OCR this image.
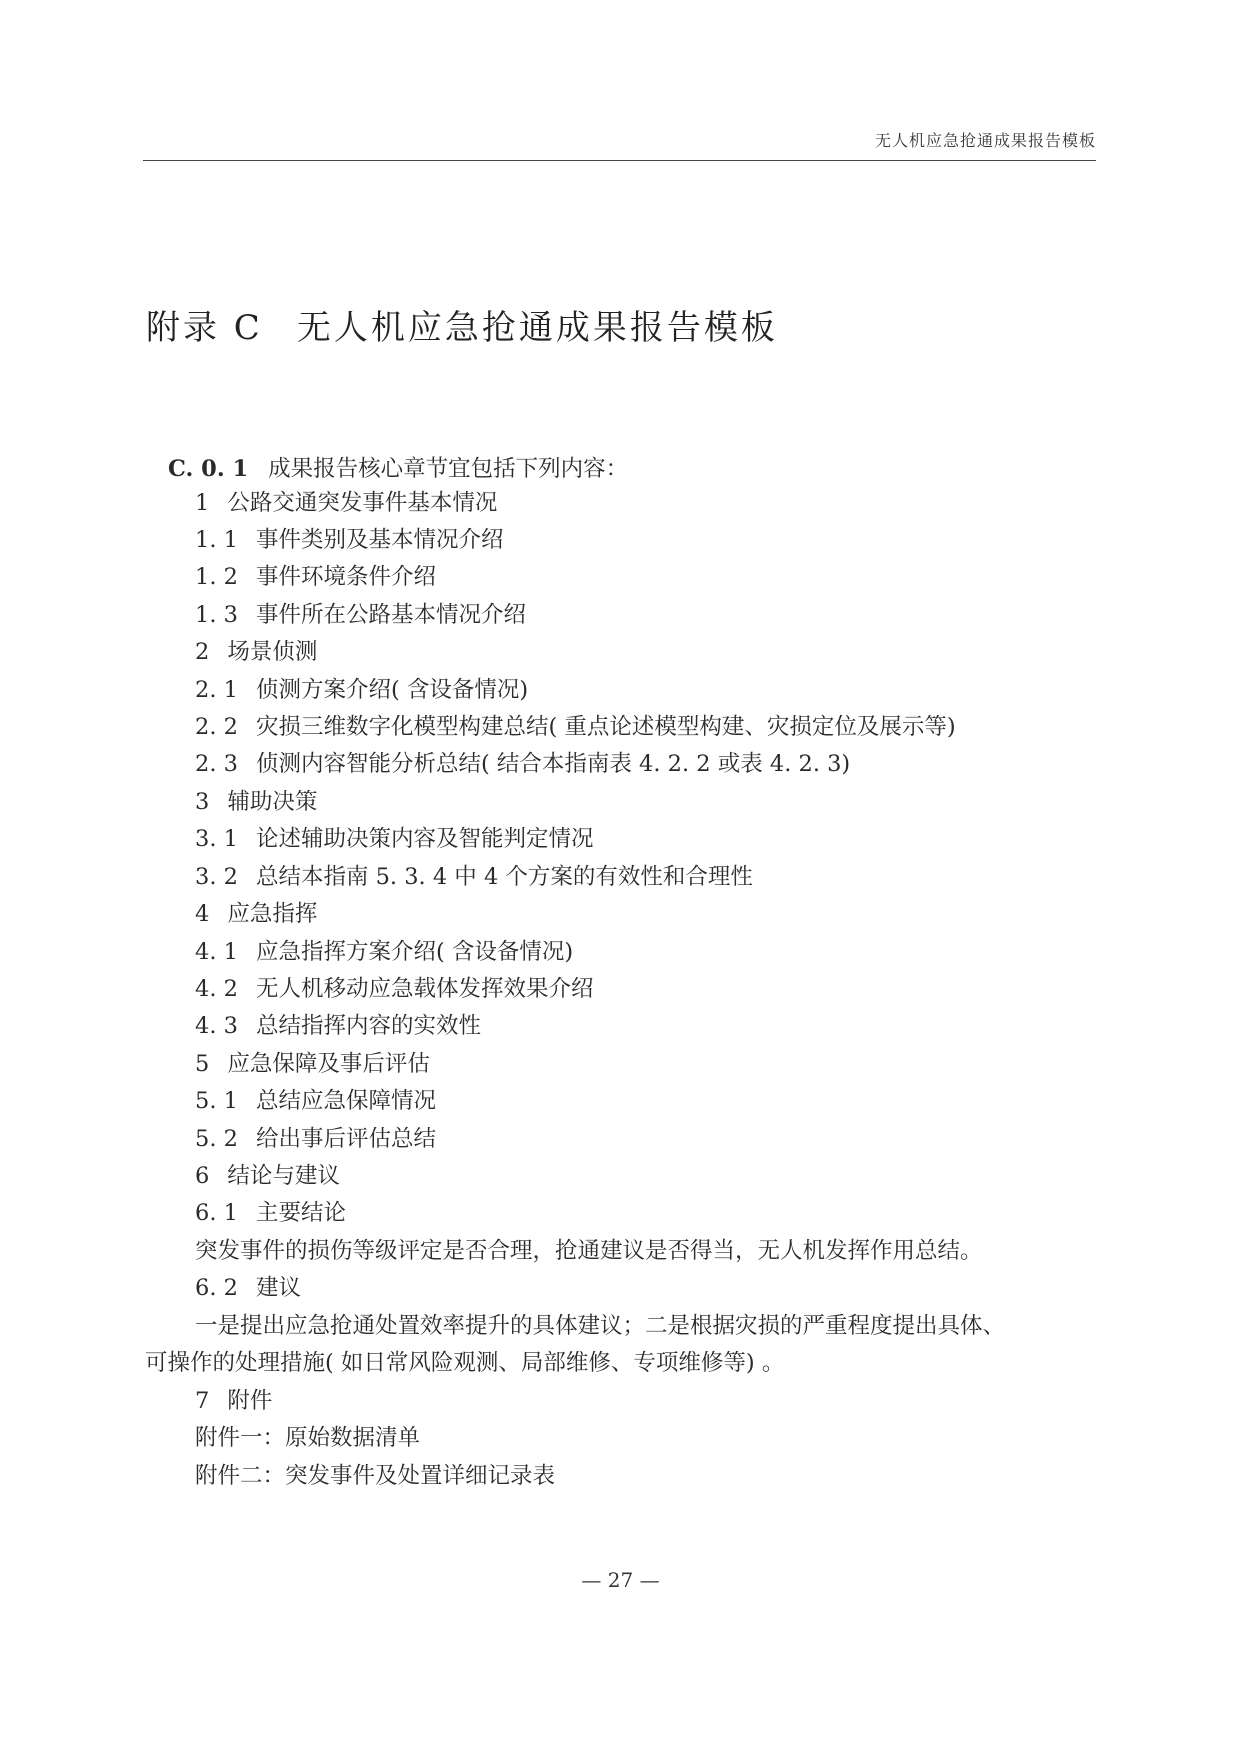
无人机应急抢通成果报告模板
附录 C 无人机应急抢通成果报告模板
C. 0. 1 成果报告核心章节宜包括下列内容：
1 公路交通突发事件基本情况
1. 1 事件类别及基本情况介绍
1. 2 事件环境条件介绍
1. 3 事件所在公路基本情况介绍
2 场景侦测
2. 1 侦测方案介绍( 含设备情况)
2. 2 灾损三维数字化模型构建总结( 重点论述模型构建、灾损定位及展示等)
2. 3 侦测内容智能分析总结( 结合本指南表 4. 2. 2 或表 4. 2. 3)
3 辅助决策
3. 1 论述辅助决策内容及智能判定情况
3. 2 总结本指南 5. 3. 4 中 4 个方案的有效性和合理性
4 应急指挥
4. 1 应急指挥方案介绍( 含设备情况)
4. 2 无人机移动应急载体发挥效果介绍
4. 3 总结指挥内容的实效性
5 应急保障及事后评估
5. 1 总结应急保障情况
5. 2 给出事后评估总结
6 结论与建议
6. 1 主要结论
突发事件的损伤等级评定是否合理，抢通建议是否得当，无人机发挥作用总结。
6. 2 建议
一是提出应急抢通处置效率提升的具体建议；二是根据灾损的严重程度提出具体、
可操作的处理措施( 如日常风险观测、局部维修、专项维修等) 。
7 附件
附件一：原始数据清单
附件二：突发事件及处置详细记录表
— 27 —
